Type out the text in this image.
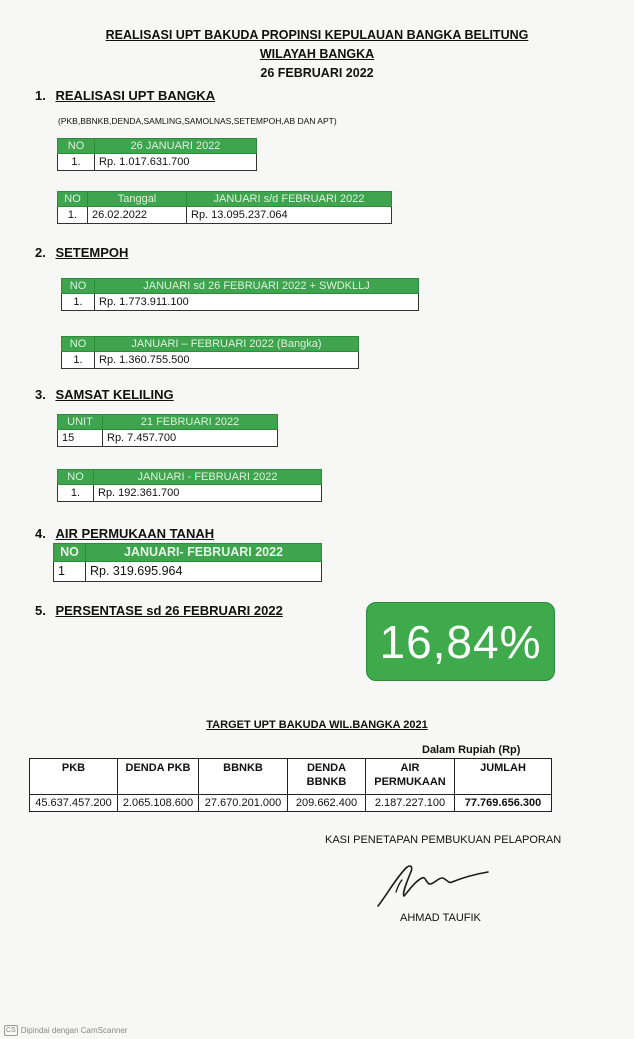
REALISASI UPT BAKUDA PROPINSI KEPULAUAN BANGKA BELITUNG
WILAYAH BANGKA
26 FEBRUARI 2022
1. REALISASI UPT BANGKA
(PKB,BBNKB,DENDA,SAMLING,SAMOLNAS,SETEMPOH,AB DAN APT)
NO	26 JANUARI 2022
1.	Rp. 1.017.631.700
NO	Tanggal	JANUARI s/d FEBRUARI 2022
1.	26.02.2022	Rp. 13.095.237.064
2. SETEMPOH
NO	JANUARI sd 26 FEBRUARI 2022 + SWDKLLJ
1.	Rp. 1.773.911.100
NO	JANUARI – FEBRUARI 2022 (Bangka)
1.	Rp. 1.360.755.500
3. SAMSAT KELILING
UNIT	21 FEBRUARI 2022
15	Rp. 7.457.700
NO	JANUARI - FEBRUARI 2022
1.	Rp. 192.361.700
4. AIR PERMUKAAN TANAH
NO	JANUARI- FEBRUARI 2022
1	Rp. 319.695.964
5. PERSENTASE sd 26 FEBRUARI 2022
16,84%
TARGET UPT BAKUDA WIL.BANGKA 2021
Dalam Rupiah (Rp)
PKB	DENDA PKB	BBNKB	DENDA BBNKB	AIR PERMUKAAN	JUMLAH
45.637.457.200	2.065.108.600	27.670.201.000	209.662.400	2.187.227.100	77.769.656.300
KASI PENETAPAN PEMBUKUAN PELAPORAN
AHMAD TAUFIK
CS Dipindai dengan CamScanner
